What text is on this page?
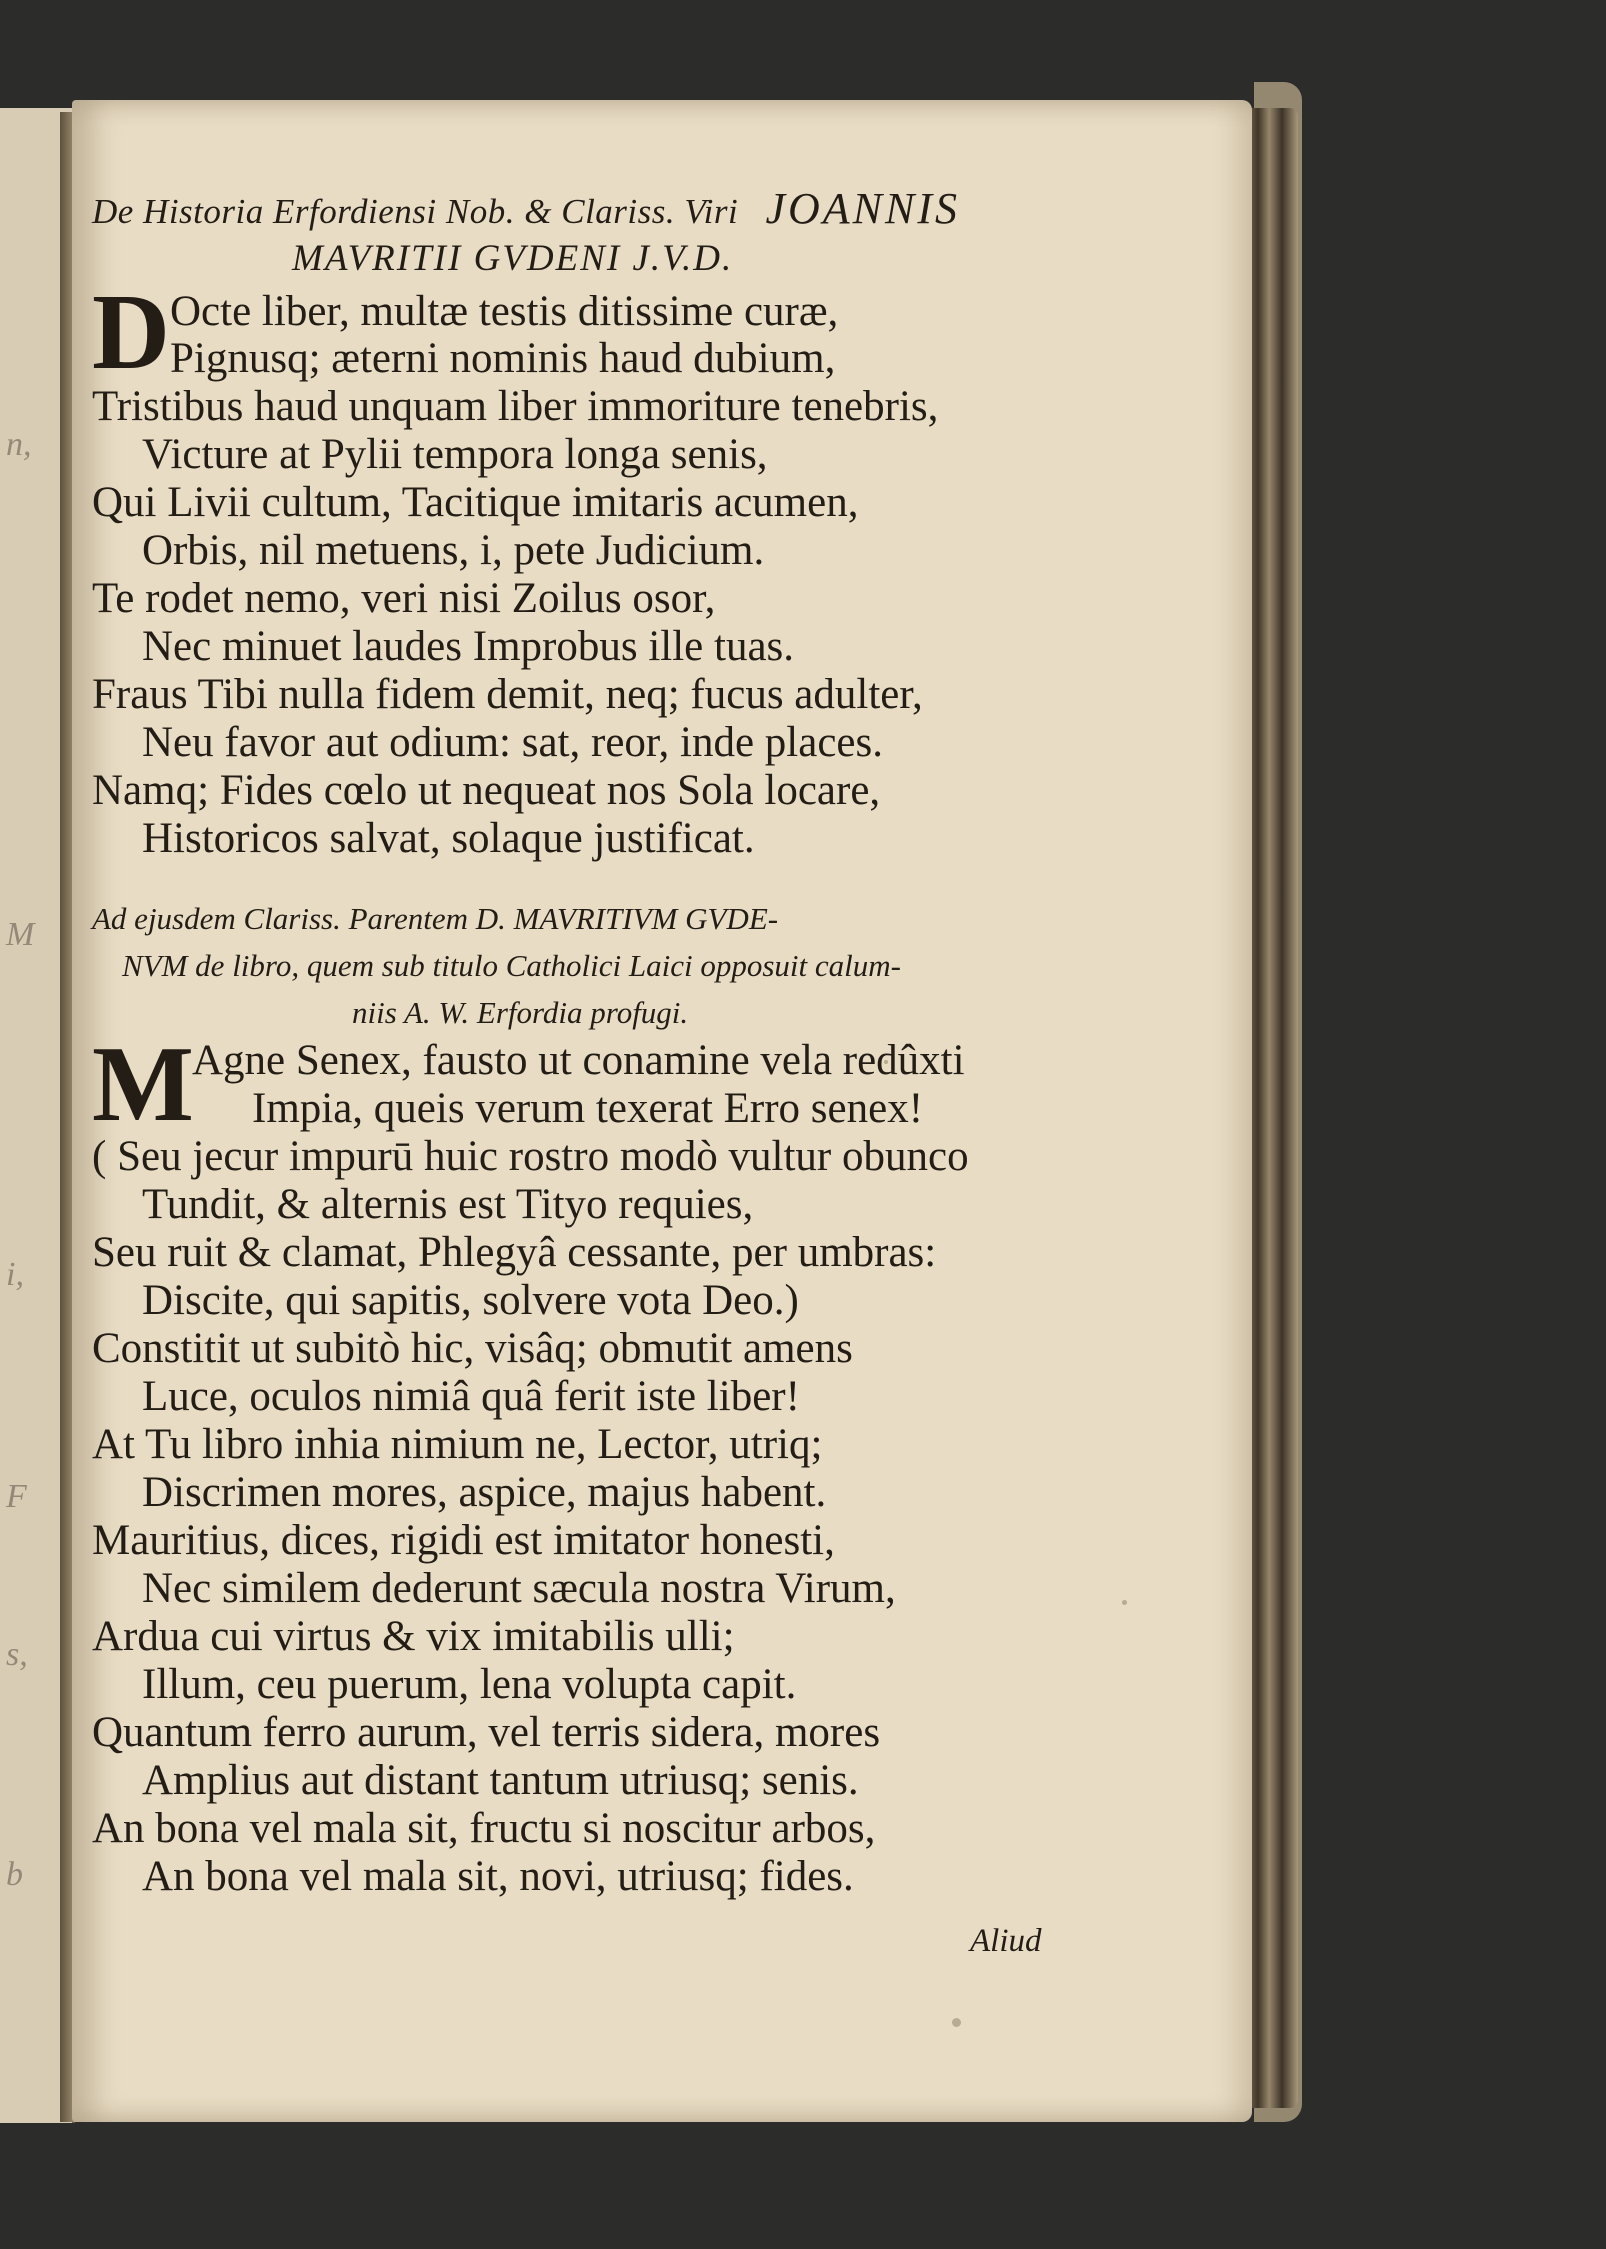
n,
M
i,
F
s,
b
De Historia Erfordiensi Nob. & Clariss. Viri JOANNIS
MAVRITII GVDENI J.V.D.
D Octe liber, multæ testis ditissime curæ,
Pignusq; æterni nominis haud dubium,
Tristibus haud unquam liber immoriture tenebris,
Victure at Pylii tempora longa senis,
Qui Livii cultum, Tacitique imitaris acumen,
Orbis, nil metuens, i, pete Judicium.
Te rodet nemo, veri nisi Zoilus osor,
Nec minuet laudes Improbus ille tuas.
Fraus Tibi nulla fidem demit, neq; fucus adulter,
Neu favor aut odium: sat, reor, inde places.
Namq; Fides cœlo ut nequeat nos Sola locare,
Historicos salvat, solaque justificat.
Ad ejusdem Clariss. Parentem D. MAVRITIVM GVDE-
NVM de libro, quem sub titulo Catholici Laici opposuit calum-
niis A. W. Erfordia profugi.
M
Agne Senex, fausto ut conamine vela redûxti
Impia, queis verum texerat Erro senex!
( Seu jecur impurū huic rostro modò vultur obunco
Tundit, & alternis est Tityo requies,
Seu ruit & clamat, Phlegyâ cessante, per umbras:
Discite, qui sapitis, solvere vota Deo.)
Constitit ut subitò hic, visâq; obmutit amens
Luce, oculos nimiâ quâ ferit iste liber!
At Tu libro inhia nimium ne, Lector, utriq;
Discrimen mores, aspice, majus habent.
Mauritius, dices, rigidi est imitator honesti,
Nec similem dederunt sæcula nostra Virum,
Ardua cui virtus & vix imitabilis ulli;
Illum, ceu puerum, lena volupta capit.
Quantum ferro aurum, vel terris sidera, mores
Amplius aut distant tantum utriusq; senis.
An bona vel mala sit, fructu si noscitur arbos,
An bona vel mala sit, novi, utriusq; fides.
Aliud
